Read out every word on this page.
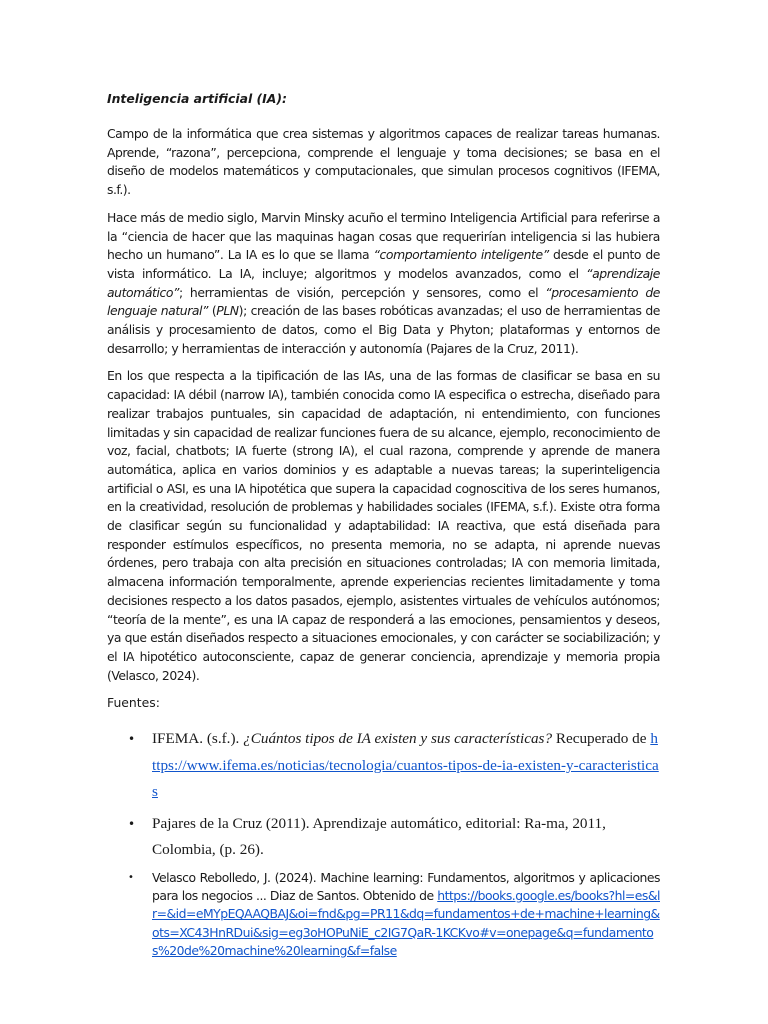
Inteligencia artificial (IA):

Campo de la informática que crea sistemas y algoritmos capaces de realizar tareas humanas. Aprende, “razona”, percepciona, comprende el lenguaje y toma decisiones; se basa en el diseño de modelos matemáticos y computacionales, que simulan procesos cognitivos (IFEMA, s.f.).

Hace más de medio siglo, Marvin Minsky acuño el termino Inteligencia Artificial para referirse a la “ciencia de hacer que las maquinas hagan cosas que requerirían inteligencia si las hubiera hecho un humano”. La IA es lo que se llama “comportamiento inteligente” desde el punto de vista informático. La IA, incluye; algoritmos y modelos avanzados, como el “aprendizaje automático”; herramientas de visión, percepción y sensores, como el “procesamiento de lenguaje natural” (PLN); creación de las bases robóticas avanzadas; el uso de herramientas de análisis y procesamiento de datos, como el Big Data y Phyton; plataformas y entornos de desarrollo; y herramientas de interacción y autonomía (Pajares de la Cruz, 2011).

En los que respecta a la tipificación de las IAs, una de las formas de clasificar se basa en su capacidad: IA débil (narrow IA), también conocida como IA especifica o estrecha, diseñado para realizar trabajos puntuales, sin capacidad de adaptación, ni entendimiento, con funciones limitadas y sin capacidad de realizar funciones fuera de su alcance, ejemplo, reconocimiento de voz, facial, chatbots; IA fuerte (strong IA), el cual razona, comprende y aprende de manera automática, aplica en varios dominios y es adaptable a nuevas tareas; la superinteligencia artificial o ASI, es una IA hipotética que supera la capacidad cognoscitiva de los seres humanos, en la creatividad, resolución de problemas y habilidades sociales (IFEMA, s.f.). Existe otra forma de clasificar según su funcionalidad y adaptabilidad: IA reactiva, que está diseñada para responder estímulos específicos, no presenta memoria, no se adapta, ni aprende nuevas órdenes, pero trabaja con alta precisión en situaciones controladas; IA con memoria limitada, almacena información temporalmente, aprende experiencias recientes limitadamente y toma decisiones respecto a los datos pasados, ejemplo, asistentes virtuales de vehículos autónomos; “teoría de la mente”, es una IA capaz de responderá a las emociones, pensamientos y deseos, ya que están diseñados respecto a situaciones emocionales, y con carácter se sociabilización; y el IA hipotético autoconsciente, capaz de generar conciencia, aprendizaje y memoria propia (Velasco, 2024).

Fuentes:

• IFEMA. (s.f.). ¿Cuántos tipos de IA existen y sus características? Recuperado de https://www.ifema.es/noticias/tecnologia/cuantos-tipos-de-ia-existen-y-caracteristicas
• Pajares de la Cruz (2011). Aprendizaje automático, editorial: Ra-ma, 2011, Colombia, (p. 26).
• Velasco Rebolledo, J. (2024). Machine learning: Fundamentos, algoritmos y aplicaciones para los negocios ... Diaz de Santos. Obtenido de https://books.google.es/books?hl=es&lr=&id=eMYpEQAAQBAJ&oi=fnd&pg=PR11&dq=fundamentos+de+machine+learning&ots=XC43HnRDui&sig=eg3oHOPuNiE_c2IG7QaR-1KCKvo#v=onepage&q=fundamentos%20de%20machine%20learning&f=false
